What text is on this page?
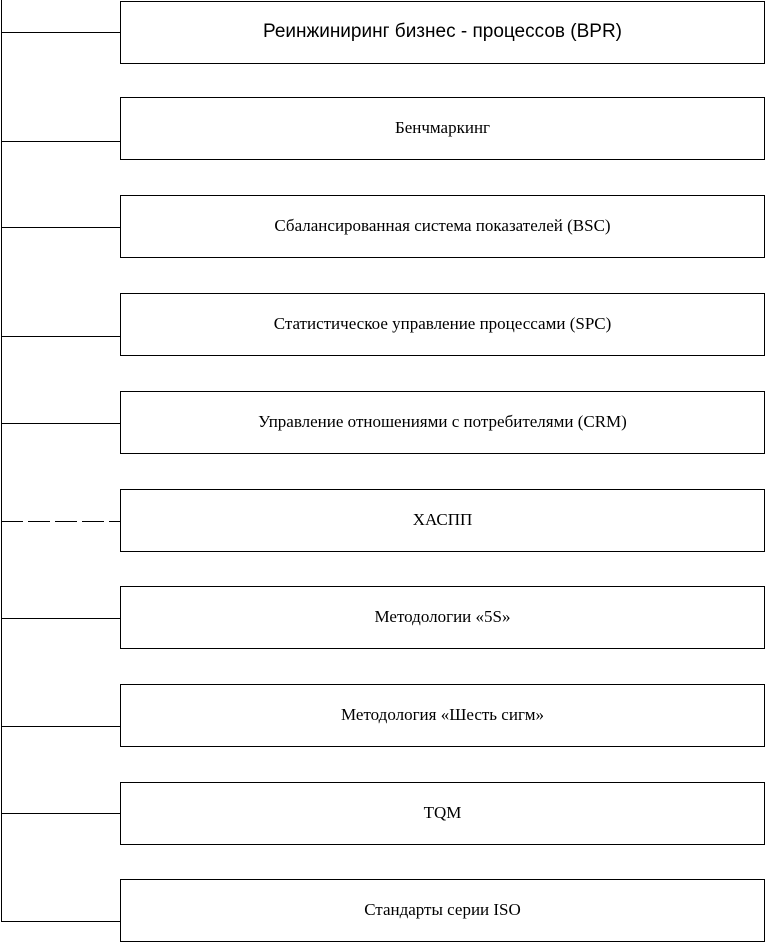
Реинжиниринг бизнес - процессов (BPR)
Бенчмаркинг
Сбалансированная система показателей (BSC)
Статистическое управление процессами (SPC)
Управление отношениями с потребителями (CRM)
ХАСПП
Методологии «5S»
Методология «Шесть сигм»
TQM
Стандарты серии ISO
